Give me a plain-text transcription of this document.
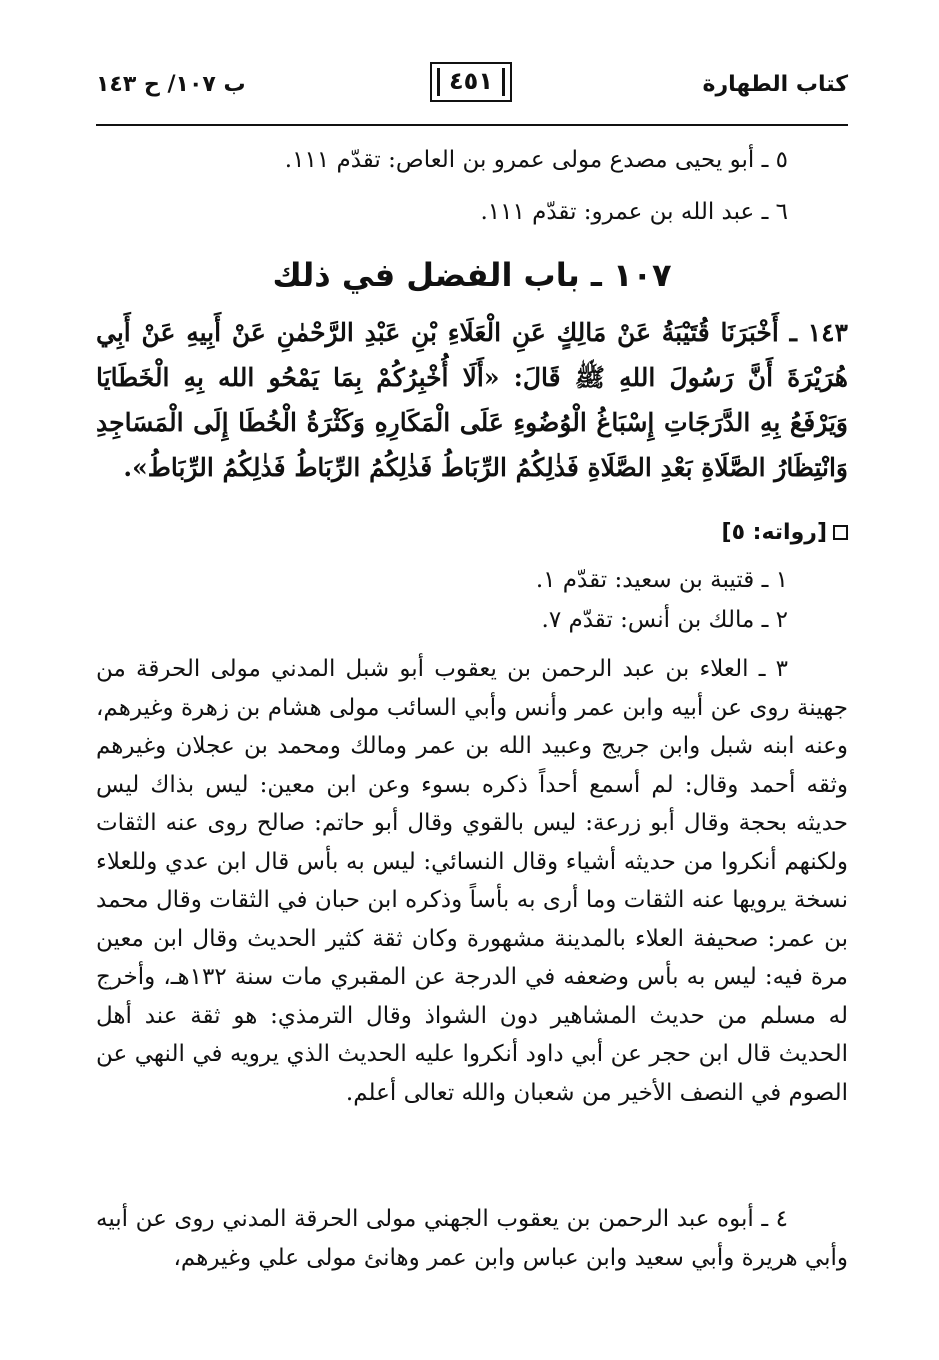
كتاب الطهارة
٤٥١
ب ١٠٧/ ح ١٤٣
٥ ـ أبو يحيى مصدع مولى عمرو بن العاص: تقدّم ١١١.
٦ ـ عبد الله بن عمرو: تقدّم ١١١.
١٠٧ ـ باب الفضل في ذلك
١٤٣ ـ أَخْبَرَنَا قُتَيْبَةُ عَنْ مَالِكٍ عَنِ الْعَلَاءِ بْنِ عَبْدِ الرَّحْمٰنِ عَنْ أَبِيهِ عَنْ أَبِي هُرَيْرَةَ أَنَّ رَسُولَ اللهِ ﷺ قَالَ: «أَلَا أُخْبِرُكُمْ بِمَا يَمْحُو الله بِهِ الْخَطَايَا وَيَرْفَعُ بِهِ الدَّرَجَاتِ إِسْبَاغُ الْوُضُوءِ عَلَى الْمَكَارِهِ وَكَثْرَةُ الْخُطَا إِلَى الْمَسَاجِدِ وَانْتِظَارُ الصَّلَاةِ بَعْدِ الصَّلَاةِ فَذٰلِكُمُ الرِّبَاطُ فَذٰلِكُمُ الرِّبَاطُ فَذٰلِكُمُ الرِّبَاطُ».
[رواته: ٥]
١ ـ قتيبة بن سعيد: تقدّم ١.
٢ ـ مالك بن أنس: تقدّم ٧.
٣ ـ العلاء بن عبد الرحمن بن يعقوب أبو شبل المدني مولى الحرقة من جهينة روى عن أبيه وابن عمر وأنس وأبي السائب مولى هشام بن زهرة وغيرهم، وعنه ابنه شبل وابن جريج وعبيد الله بن عمر ومالك ومحمد بن عجلان وغيرهم وثقه أحمد وقال: لم أسمع أحداً ذكره بسوء وعن ابن معين: ليس بذاك ليس حديثه بحجة وقال أبو زرعة: ليس بالقوي وقال أبو حاتم: صالح روى عنه الثقات ولكنهم أنكروا من حديثه أشياء وقال النسائي: ليس به بأس قال ابن عدي وللعلاء نسخة يرويها عنه الثقات وما أرى به بأساً وذكره ابن حبان في الثقات وقال محمد بن عمر: صحيفة العلاء بالمدينة مشهورة وكان ثقة كثير الحديث وقال ابن معين مرة فيه: ليس به بأس وضعفه في الدرجة عن المقبري مات سنة ١٣٢هـ، وأخرج له مسلم من حديث المشاهير دون الشواذ وقال الترمذي: هو ثقة عند أهل الحديث قال ابن حجر عن أبي داود أنكروا عليه الحديث الذي يرويه في النهي عن الصوم في النصف الأخير من شعبان والله تعالى أعلم.
٤ ـ أبوه عبد الرحمن بن يعقوب الجهني مولى الحرقة المدني روى عن أبيه وأبي هريرة وأبي سعيد وابن عباس وابن عمر وهانئ مولى علي وغيرهم،
